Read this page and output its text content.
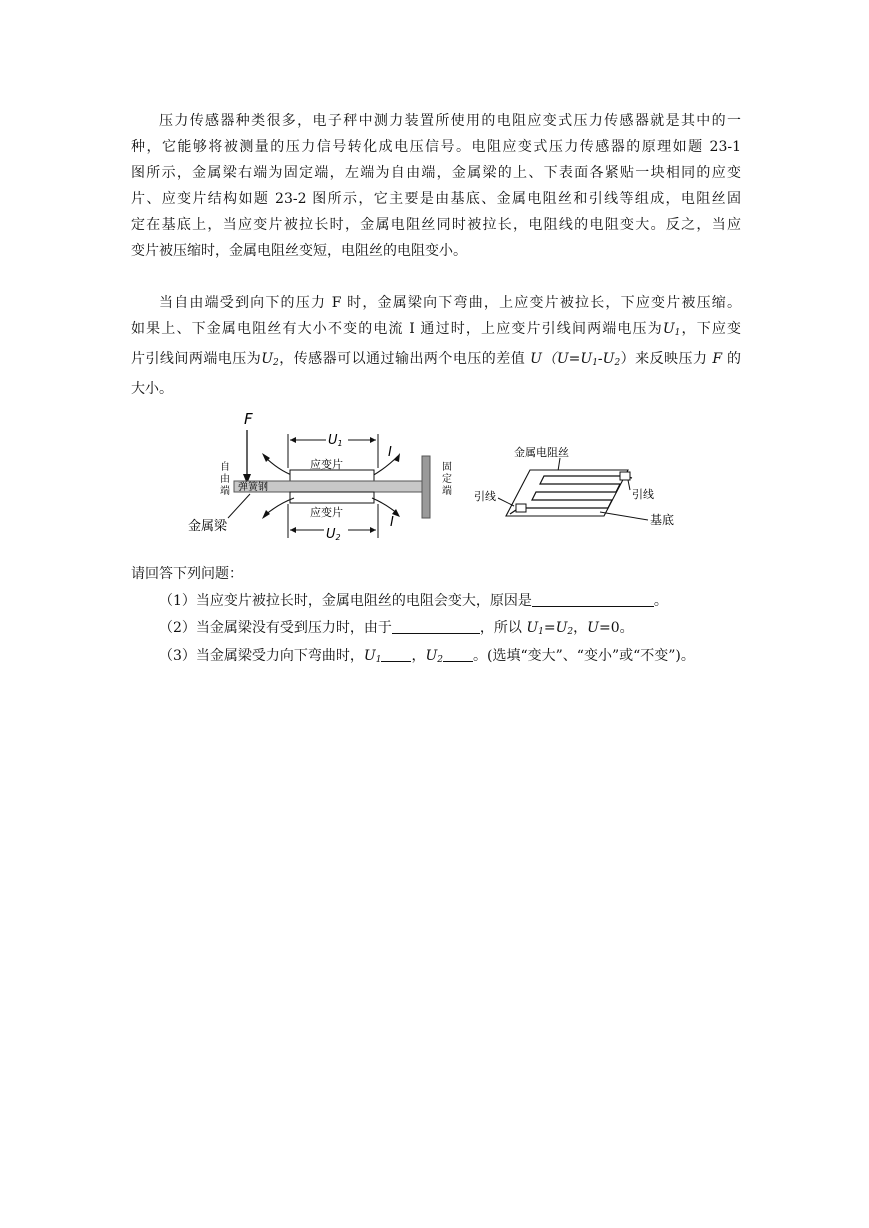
压力传感器种类很多，电子秤中测力装置所使用的电阻应变式压力传感器就是其中的一
种，它能够将被测量的压力信号转化成电压信号。电阻应变式压力传感器的原理如题 23-1
图所示，金属梁右端为固定端，左端为自由端，金属梁的上、下表面各紧贴一块相同的应变
片、应变片结构如题 23-2 图所示，它主要是由基底、金属电阻丝和引线等组成，电阻丝固
定在基底上，当应变片被拉长时，金属电阻丝同时被拉长，电阻线的电阻变大。反之，当应
变片被压缩时，金属电阻丝变短，电阻丝的电阻变小。
当自由端受到向下的压力 F 时，金属梁向下弯曲，上应变片被拉长，下应变片被压缩。
如果上、下金属电阻丝有大小不变的电流 I 通过时，上应变片引线间两端电压为$U_1$，下应变
片引线间两端电压为$U_2$，传感器可以通过输出两个电压的差值 $U(U=U_1-U_2)$来反映压力 F 的
大小。
F
U1
I
应变片
弹簧钢
应变片
I
U2
固定端
自由端
金属梁
金属电阻丝
引线	引线
基底
请回答下列问题：
（1）当应变片被拉长时，金属电阻丝的电阻会变大，原因是	。
（2）当金属梁没有受到压力时，由于	，所以 $U_1=U_2$，U=0。
（3）当金属梁受力向下弯曲时，$U_1$ ，$U_2$ 。(选填“变大”、“变小”或“不变”)。
